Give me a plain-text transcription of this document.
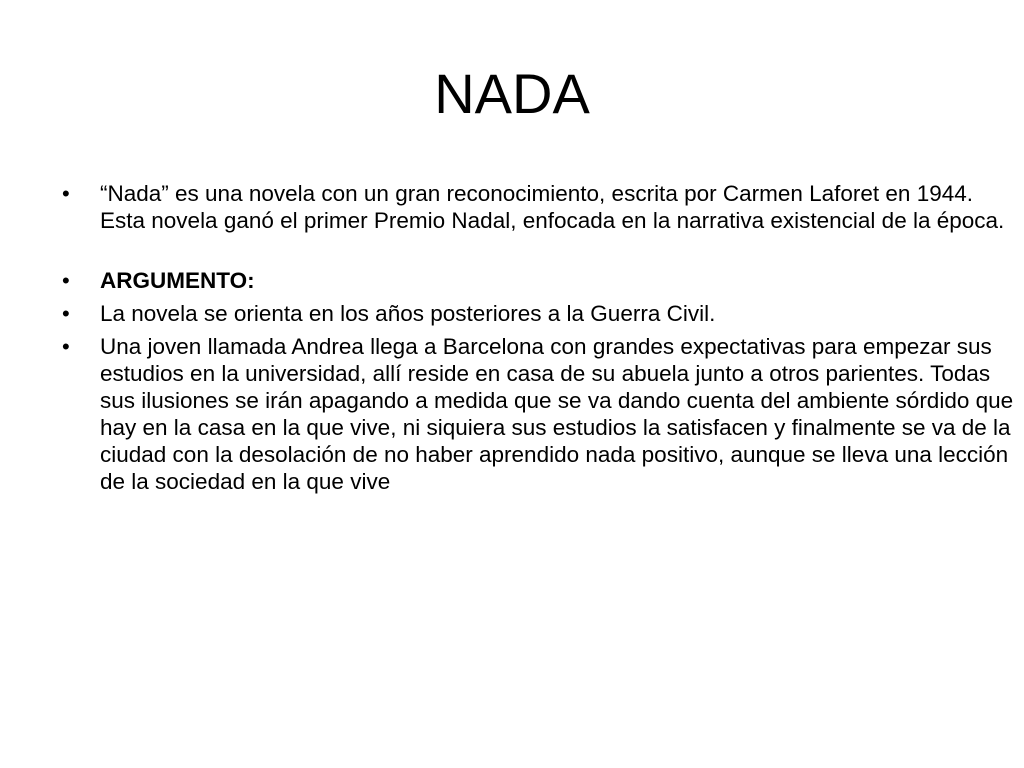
NADA
• “Nada” es una novela con un gran reconocimiento, escrita por Carmen Laforet en 1944. Esta novela ganó el primer Premio Nadal, enfocada en la narrativa existencial de la época.
• ARGUMENTO:
• La novela se orienta en los años posteriores a la Guerra Civil.
• Una joven llamada Andrea llega a Barcelona con grandes expectativas para empezar sus estudios en la universidad, allí reside en casa de su abuela junto a otros parientes. Todas sus ilusiones se irán apagando a medida que se va dando cuenta del ambiente sórdido que hay en la casa en la que vive, ni siquiera sus estudios la satisfacen y finalmente se va de la ciudad con la desolación de no haber aprendido nada positivo, aunque se lleva una lección de la sociedad en la que vive
